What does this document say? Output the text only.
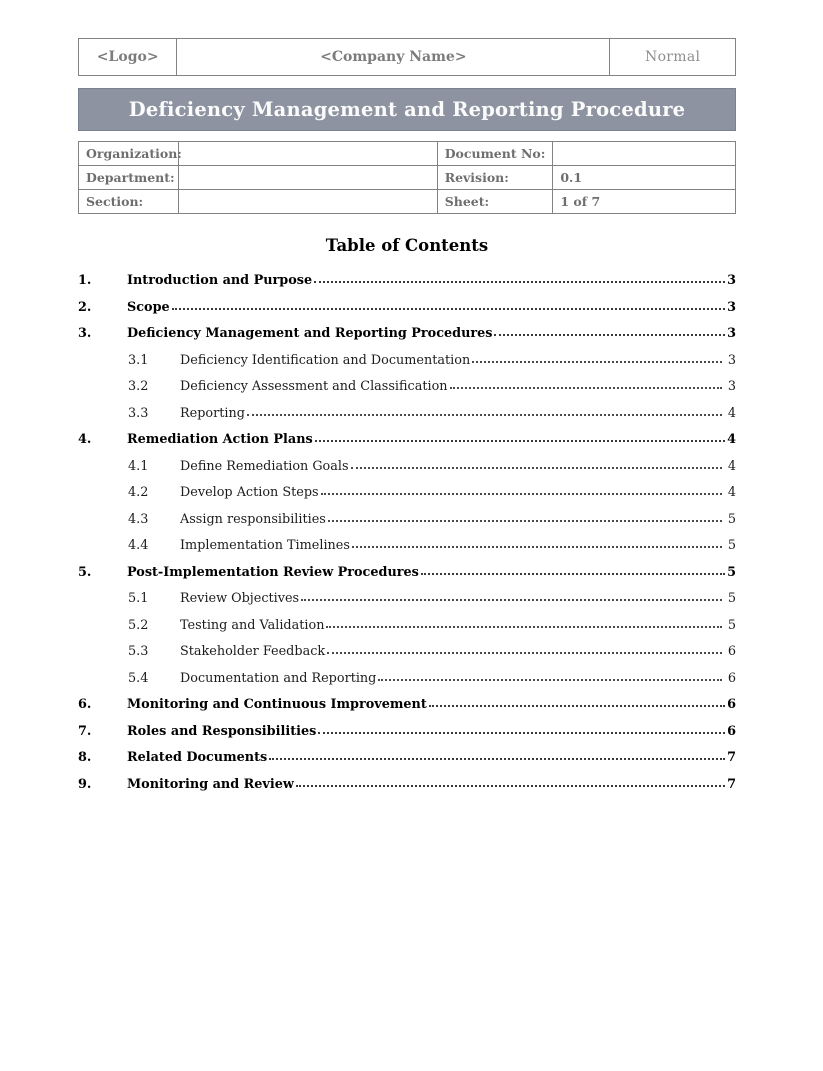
<Logo>	<Company Name>	Normal
Deficiency Management and Reporting Procedure
Organization:		Document No:	
Department:		Revision:	0.1
Section:		Sheet:	1 of 7
Table of Contents
1.	Introduction and Purpose	3
2.	Scope	3
3.	Deficiency Management and Reporting Procedures	3
3.1	Deficiency Identification and Documentation	3
3.2	Deficiency Assessment and Classification	3
3.3	Reporting	4
4.	Remediation Action Plans	4
4.1	Define Remediation Goals	4
4.2	Develop Action Steps	4
4.3	Assign responsibilities	5
4.4	Implementation Timelines	5
5.	Post-Implementation Review Procedures	5
5.1	Review Objectives	5
5.2	Testing and Validation	5
5.3	Stakeholder Feedback	6
5.4	Documentation and Reporting	6
6.	Monitoring and Continuous Improvement	6
7.	Roles and Responsibilities	6
8.	Related Documents	7
9.	Monitoring and Review	7
